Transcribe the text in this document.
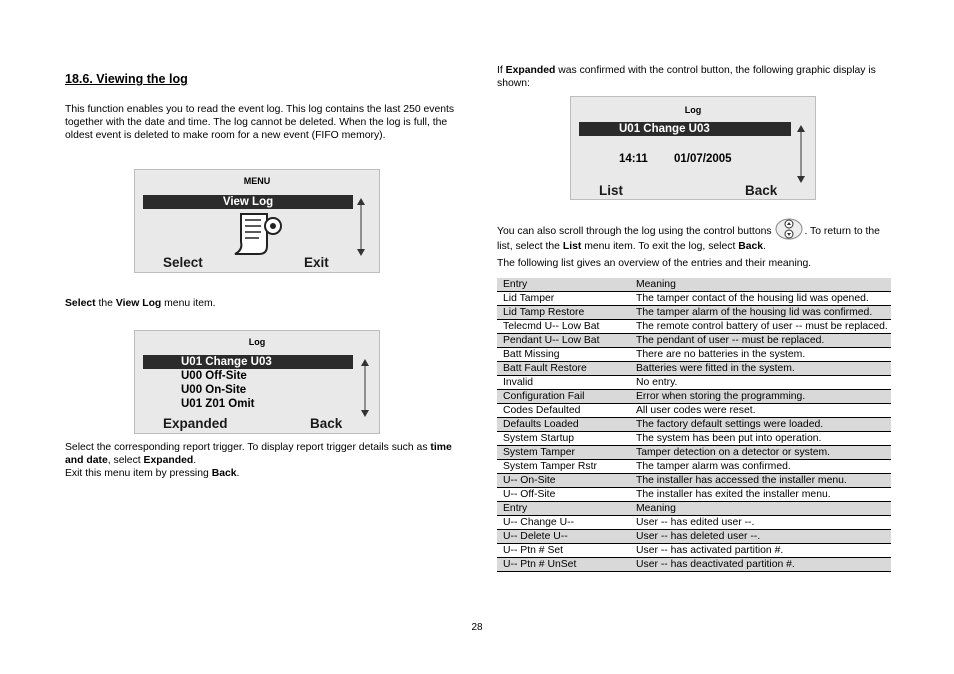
18.6. Viewing the log

This function enables you to read the event log. This log contains the last 250 events together with the date and time. The log cannot be deleted. When the log is full, the oldest event is deleted to make room for a new event (FIFO memory).

MENU
View Log
Select	Exit

Select the View Log menu item.

Log
U01 Change U03
U00 Off-Site
U00 On-Site
U01 Z01 Omit
Expanded	Back

Select the corresponding report trigger. To display report trigger details such as time and date, select Expanded.
Exit this menu item by pressing Back.

If Expanded was confirmed with the control button, the following graphic display is shown:

Log
U01 Change U03
14:11 01/07/2005
List	Back

You can also scroll through the log using the control buttons	. To return to the list, select the List menu item. To exit the log, select Back.

The following list gives an overview of the entries and their meaning.

Entry	Meaning
Lid Tamper	The tamper contact of the housing lid was opened.
Lid Tamp Restore	The tamper alarm of the housing lid was confirmed.
Telecmd U-- Low Bat	The remote control battery of user -- must be replaced.
Pendant U-- Low Bat	The pendant of user -- must be replaced.
Batt Missing	There are no batteries in the system.
Batt Fault Restore	Batteries were fitted in the system.
Invalid	No entry.
Configuration Fail	Error when storing the programming.
Codes Defaulted	All user codes were reset.
Defaults Loaded	The factory default settings were loaded.
System Startup	The system has been put into operation.
System Tamper	Tamper detection on a detector or system.
System Tamper Rstr	The tamper alarm was confirmed.
U-- On-Site	The installer has accessed the installer menu.
U-- Off-Site	The installer has exited the installer menu.
Entry	Meaning
U-- Change U--	User -- has edited user --.
U-- Delete U--	User -- has deleted user --.
U-- Ptn # Set	User -- has activated partition #.
U-- Ptn # UnSet	User -- has deactivated partition #.
28
